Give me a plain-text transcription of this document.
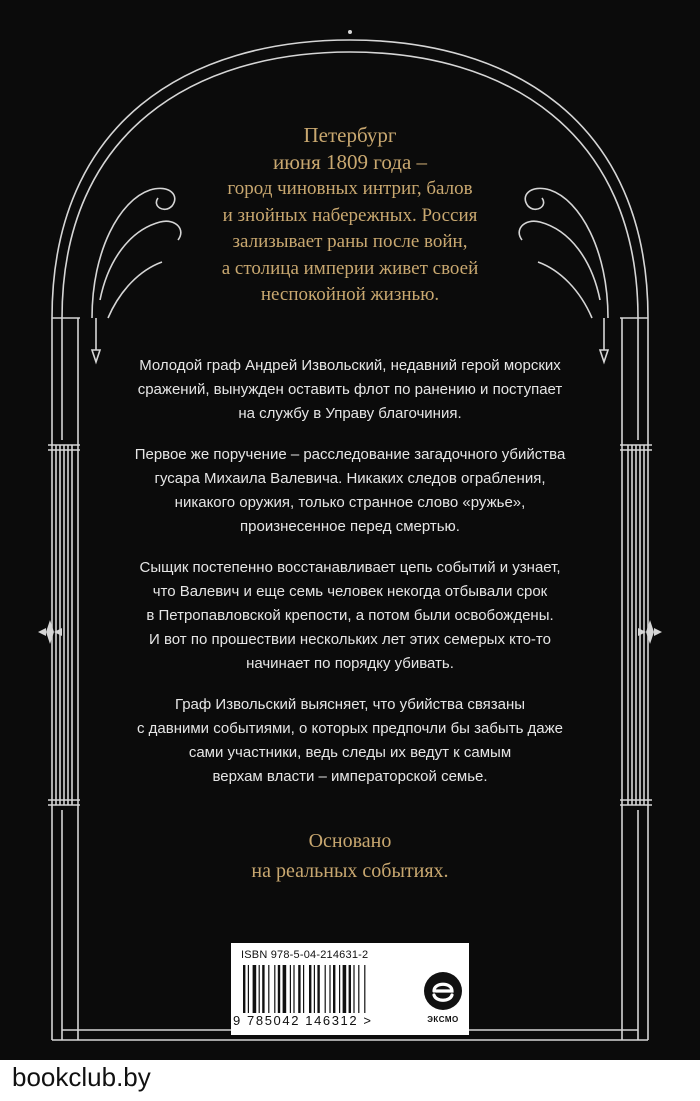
Петербург
июня 1809 года –
город чиновных интриг, балов
и знойных набережных. Россия
зализывает раны после войн,
а столица империи живет своей
неспокойной жизнью.

Молодой граф Андрей Извольский, недавний герой морских
сражений, вынужден оставить флот по ранению и поступает
на службу в Управу благочиния.

Первое же поручение – расследование загадочного убийства
гусара Михаила Валевича. Никаких следов ограбления,
никакого оружия, только странное слово «ружье»,
произнесенное перед смертью.

Сыщик постепенно восстанавливает цепь событий и узнает,
что Валевич и еще семь человек некогда отбывали срок
в Петропавловской крепости, а потом были освобождены.
И вот по прошествии нескольких лет этих семерых кто-то
начинает по порядку убивать.

Граф Извольский выясняет, что убийства связаны
с давними событиями, о которых предпочли бы забыть даже
сами участники, ведь следы их ведут к самым
верхам власти – императорской семье.

Основано
на реальных событиях.
ISBN 978-5-04-214631-2
9 785042 146312 >	ЭКСМО
bookclub.by
